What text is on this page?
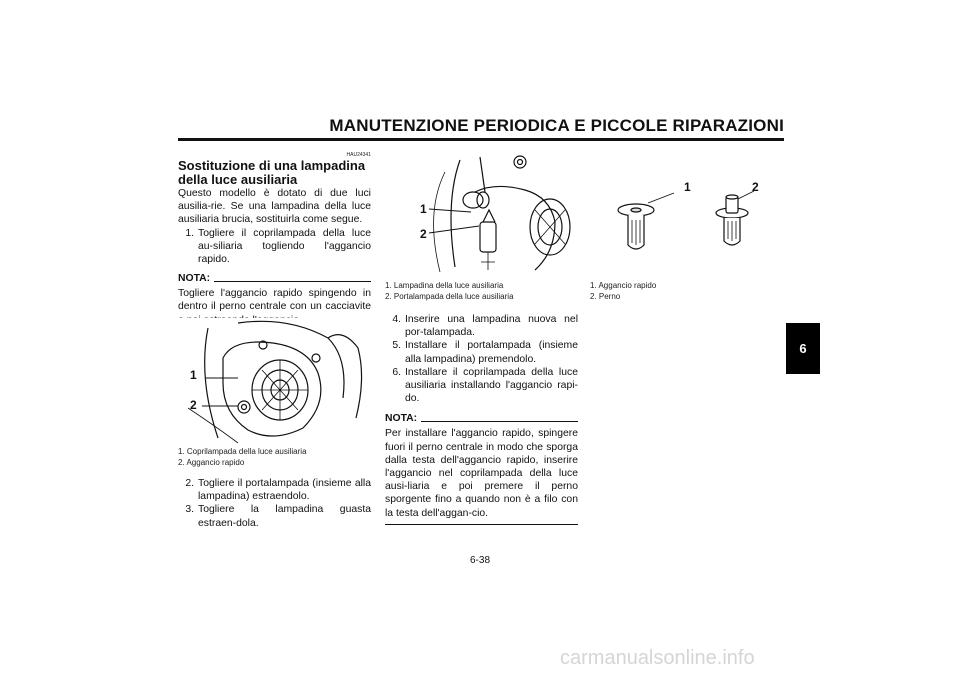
MANUTENZIONE PERIODICA E PICCOLE RIPARAZIONI
6
HAU24341
Sostituzione di una lampadina
della luce ausiliaria
Questo modello è dotato di due luci ausilia-rie. Se una lampadina della luce ausiliaria brucia, sostituirla come segue.
1. Togliere il coprilampada della luce au-siliaria togliendo l'aggancio rapido.
NOTA:
Togliere l'aggancio rapido spingendo in dentro il perno centrale con un cacciavite
1
2
1. Coprilampada della luce ausiliaria
2. Aggancio rapido
2. Togliere il portalampada (insieme alla lampadina) estraendolo.
3. Togliere la lampadina guasta estraen-dola.
1
2
1. Lampadina della luce ausiliaria
2. Portalampada della luce ausiliaria
4. Inserire una lampadina nuova nel por-talampada.
5. Installare il portalampada (insieme alla lampadina) premendolo.
6. Installare il coprilampada della luce ausiliaria installando l'aggancio rapi-do.
NOTA:
Per installare l'aggancio rapido, spingere fuori il perno centrale in modo che sporga dalla testa dell'aggancio rapido, inserire l'aggancio nel coprilampada della luce ausi-liaria e poi premere il perno sporgente fino a quando non è a filo con la testa dell'aggan-cio.
1	2
1. Aggancio rapido
2. Perno
6-38
carmanualsonline.info
